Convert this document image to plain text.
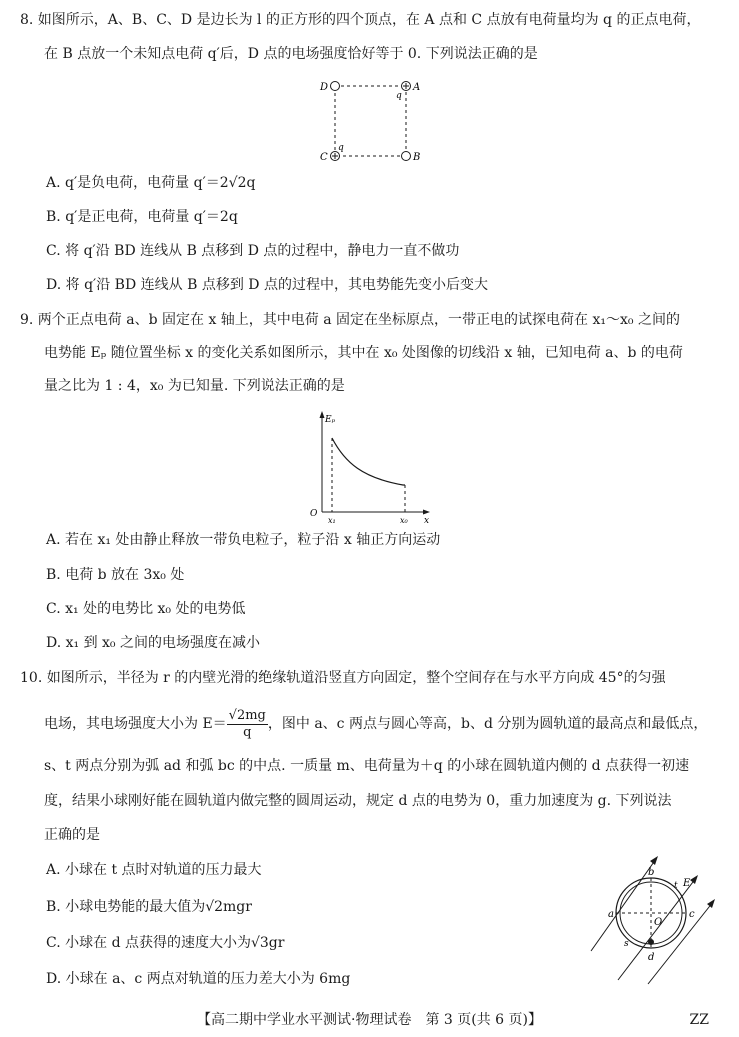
8. 如图所示，A、B、C、D 是边长为 l 的正方形的四个顶点，在 A 点和 C 点放有电荷量均为 q 的正点电荷，
在 B 点放一个未知点电荷 q′后，D 点的电场强度恰好等于 0. 下列说法正确的是
D	A
q
B
C
q
A. q′是负电荷，电荷量 q′＝2√2q
B. q′是正电荷，电荷量 q′＝2q
C. 将 q′沿 BD 连线从 B 点移到 D 点的过程中，静电力一直不做功
D. 将 q′沿 BD 连线从 B 点移到 D 点的过程中，其电势能先变小后变大
9. 两个正点电荷 a、b 固定在 x 轴上，其中电荷 a 固定在坐标原点，一带正电的试探电荷在 x₁～x₀ 之间的
电势能 Eₚ 随位置坐标 x 的变化关系如图所示，其中在 x₀ 处图像的切线沿 x 轴，已知电荷 a、b 的电荷
量之比为 1 : 4，x₀ 为已知量. 下列说法正确的是
Eₚ
O
x₁	x₀ x
A. 若在 x₁ 处由静止释放一带负电粒子，粒子沿 x 轴正方向运动
B. 电荷 b 放在 3x₀ 处
C. x₁ 处的电势比 x₀ 处的电势低
D. x₁ 到 x₀ 之间的电场强度在减小
10. 如图所示，半径为 r 的内壁光滑的绝缘轨道沿竖直方向固定，整个空间存在与水平方向成 45°的匀强
电场，其电场强度大小为 $E= \frac{√2mg}{q}$ ，图中 a、c 两点与圆心等高，b、d 分别为圆轨道的最高点和最低点，
s、t 两点分别为弧 ad 和弧 bc 的中点. 一质量 m、电荷量为＋q 的小球在圆轨道内侧的 d 点获得一初速
度，结果小球刚好能在圆轨道内做完整的圆周运动，规定 d 点的电势为 0，重力加速度为 g. 下列说法
正确的是
b
a	c
d
O
s
t E
A. 小球在 t 点时对轨道的压力最大
B. 小球电势能的最大值为√2mgr
C. 小球在 d 点获得的速度大小为√3gr
D. 小球在 a、c 两点对轨道的压力差大小为 6mg
【高二期中学业水平测试·物理试卷　第 3 页(共 6 页)】	ZZ
